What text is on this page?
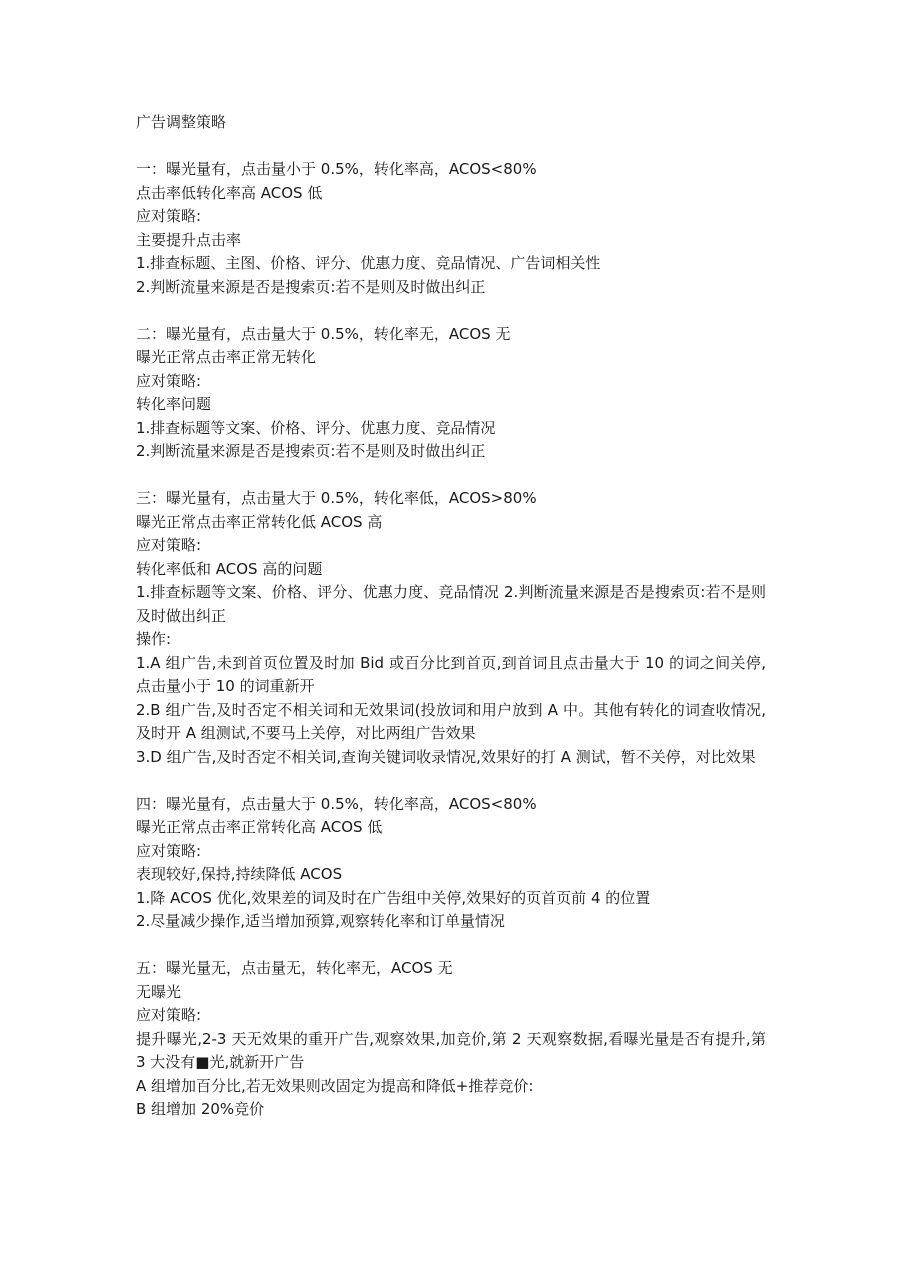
广告调整策略
一：曝光量有，点击量小于 0.5%，转化率高，ACOS<80%
点击率低转化率高 ACOS 低
应对策略:
主要提升点击率
1.排查标题、主图、价格、评分、优惠力度、竞品情况、广告词相关性
2.判断流量来源是否是搜索页:若不是则及时做出纠正
二：曝光量有，点击量大于 0.5%，转化率无，ACOS 无
曝光正常点击率正常无转化
应对策略:
转化率问题
1.排查标题等文案、价格、评分、优惠力度、竞品情况
2.判断流量来源是否是搜索页:若不是则及时做出纠正
三：曝光量有，点击量大于 0.5%，转化率低，ACOS>80%
曝光正常点击率正常转化低 ACOS 高
应对策略:
转化率低和 ACOS 高的问题
1.排查标题等文案、价格、评分、优惠力度、竞品情况 2.判断流量来源是否是搜索页:若不是则及时做出纠正
操作:
1.A 组广告,未到首页位置及时加 Bid 或百分比到首页,到首词且点击量大于 10 的词之间关停,点击量小于 10 的词重新开
2.B 组广告,及时否定不相关词和无效果词(投放词和用户放到 A 中。其他有转化的词查收情况,及时开 A 组测试,不要马上关停，对比两组广告效果
3.D 组广告,及时否定不相关词,查询关键词收录情况,效果好的打 A 测试，暂不关停，对比效果
四：曝光量有，点击量大于 0.5%，转化率高，ACOS<80%
曝光正常点击率正常转化高 ACOS 低
应对策略:
表现较好,保持,持续降低 ACOS
1.降 ACOS 优化,效果差的词及时在广告组中关停,效果好的页首页前 4 的位置
2.尽量减少操作,适当增加预算,观察转化率和订单量情况
五：曝光量无，点击量无，转化率无，ACOS 无
无曝光
应对策略:
提升曝光,2-3 天无效果的重开广告,观察效果,加竞价,第 2 天观察数据,看曝光量是否有提升,第 3 大没有■光,就新开广告
A 组增加百分比,若无效果则改固定为提高和降低+推荐竞价:
B 组增加 20%竞价
